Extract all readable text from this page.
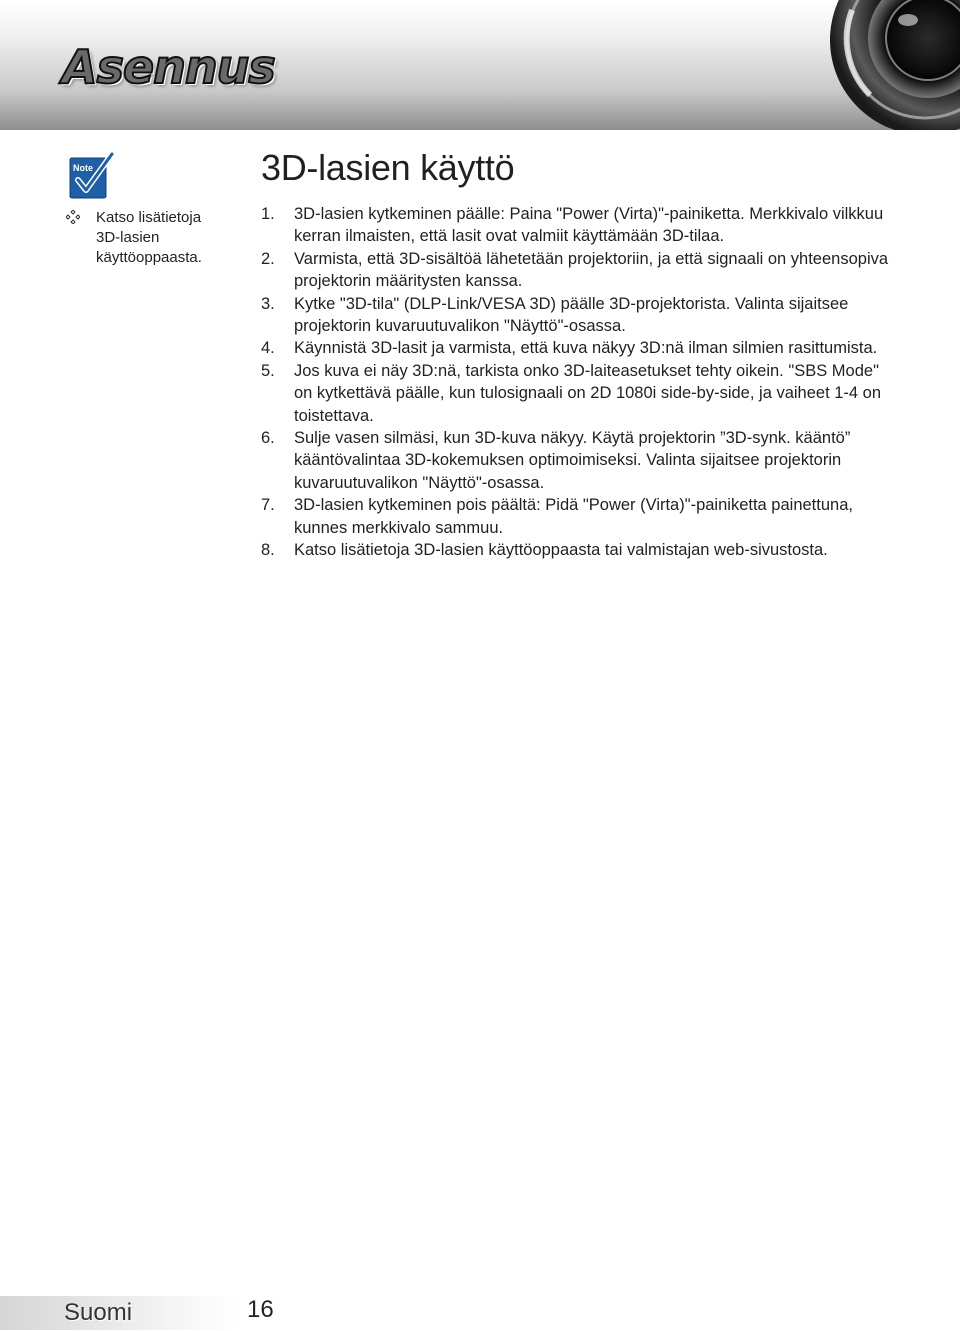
Asennus
Note
Katso lisätietoja 3D-lasien käyttöoppaasta.
3D-lasien käyttö
1. 3D-lasien kytkeminen päälle: Paina "Power (Virta)"-painiketta. Merkkivalo vilkkuu kerran ilmaisten, että lasit ovat valmiit käyttämään 3D-tilaa.
2. Varmista, että 3D-sisältöä lähetetään projektoriin, ja että signaali on yhteensopiva projektorin määritysten kanssa.
3. Kytke "3D-tila" (DLP-Link/VESA 3D) päälle 3D-projektorista. Valinta sijaitsee projektorin kuvaruutuvalikon "Näyttö"-osassa.
4. Käynnistä 3D-lasit ja varmista, että kuva näkyy 3D:nä ilman silmien rasittumista.
5. Jos kuva ei näy 3D:nä, tarkista onko 3D-laiteasetukset tehty oikein. "SBS Mode" on kytkettävä päälle, kun tulosignaali on 2D 1080i side-by-side, ja vaiheet 1-4 on toistettava.
6. Sulje vasen silmäsi, kun 3D-kuva näkyy. Käytä projektorin ”3D-synk. kääntö” kääntövalintaa 3D-kokemuksen optimoimiseksi. Valinta sijaitsee projektorin kuvaruutuvalikon "Näyttö"-osassa.
7. 3D-lasien kytkeminen pois päältä: Pidä "Power (Virta)"-painiketta painettuna, kunnes merkkivalo sammuu.
8. Katso lisätietoja 3D-lasien käyttöoppaasta tai valmistajan web-sivustosta.
Suomi	16
